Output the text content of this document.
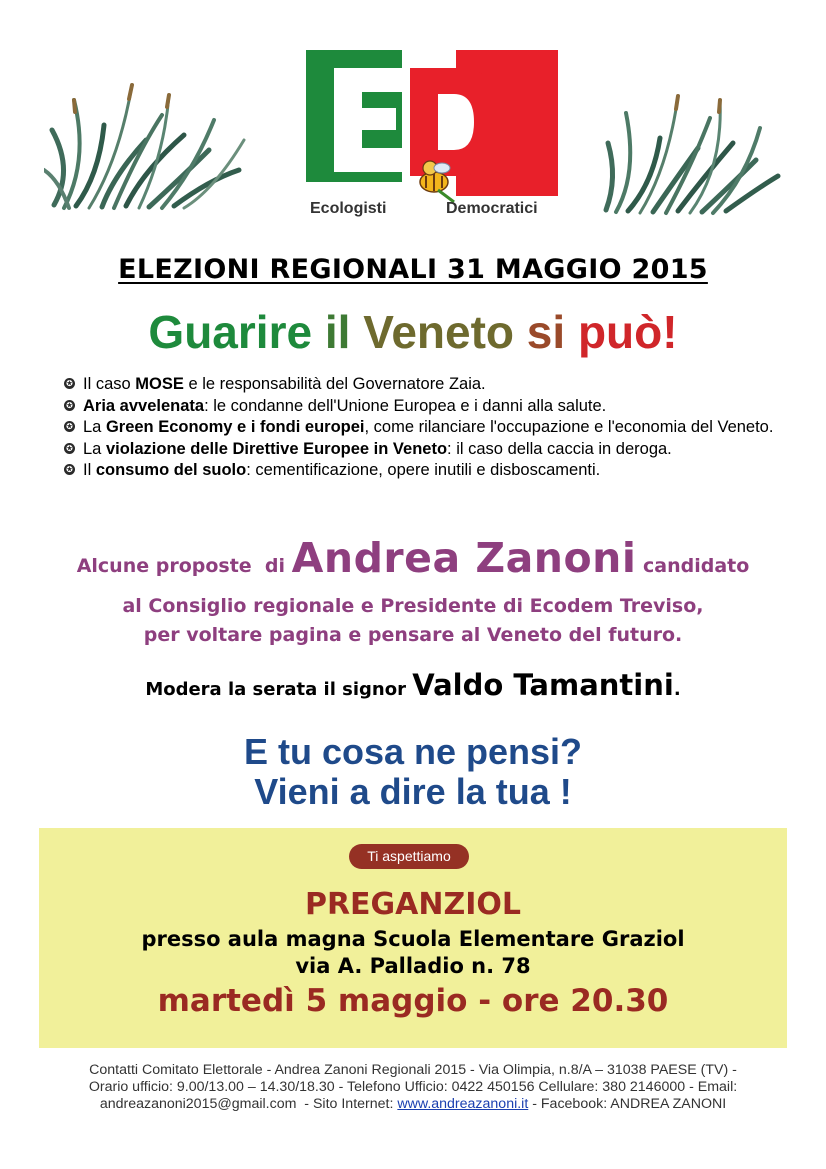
Ecologisti	Democratici
ELEZIONI REGIONALI 31 MAGGIO 2015
Guarire il Veneto si può!
✪ Il caso MOSE e le responsabilità del Governatore Zaia.
✪ Aria avvelenata: le condanne dell'Unione Europea e i danni alla salute.
✪ La Green Economy e i fondi europei, come rilanciare l'occupazione e l'economia del Veneto.
✪ La violazione delle Direttive Europee in Veneto: il caso della caccia in deroga.
✪ Il consumo del suolo: cementificazione, opere inutili e disboscamenti.
Alcune proposte  di Andrea Zanoni candidato
al Consiglio regionale e Presidente di Ecodem Treviso,
per voltare pagina e pensare al Veneto del futuro.
Modera la serata il signor Valdo Tamantini.
E tu cosa ne pensi?
Vieni a dire la tua !
Ti aspettiamo
PREGANZIOL
presso aula magna Scuola Elementare Graziol
via A. Palladio n. 78
martedì 5 maggio - ore 20.30
Contatti Comitato Elettorale - Andrea Zanoni Regionali 2015 - Via Olimpia, n.8/A – 31038 PAESE (TV) -
Orario ufficio: 9.00/13.00 – 14.30/18.30 - Telefono Ufficio: 0422 450156 Cellulare: 380 2146000 - Email:
andreazanoni2015@gmail.com  - Sito Internet: www.andreazanoni.it - Facebook: ANDREA ZANONI
